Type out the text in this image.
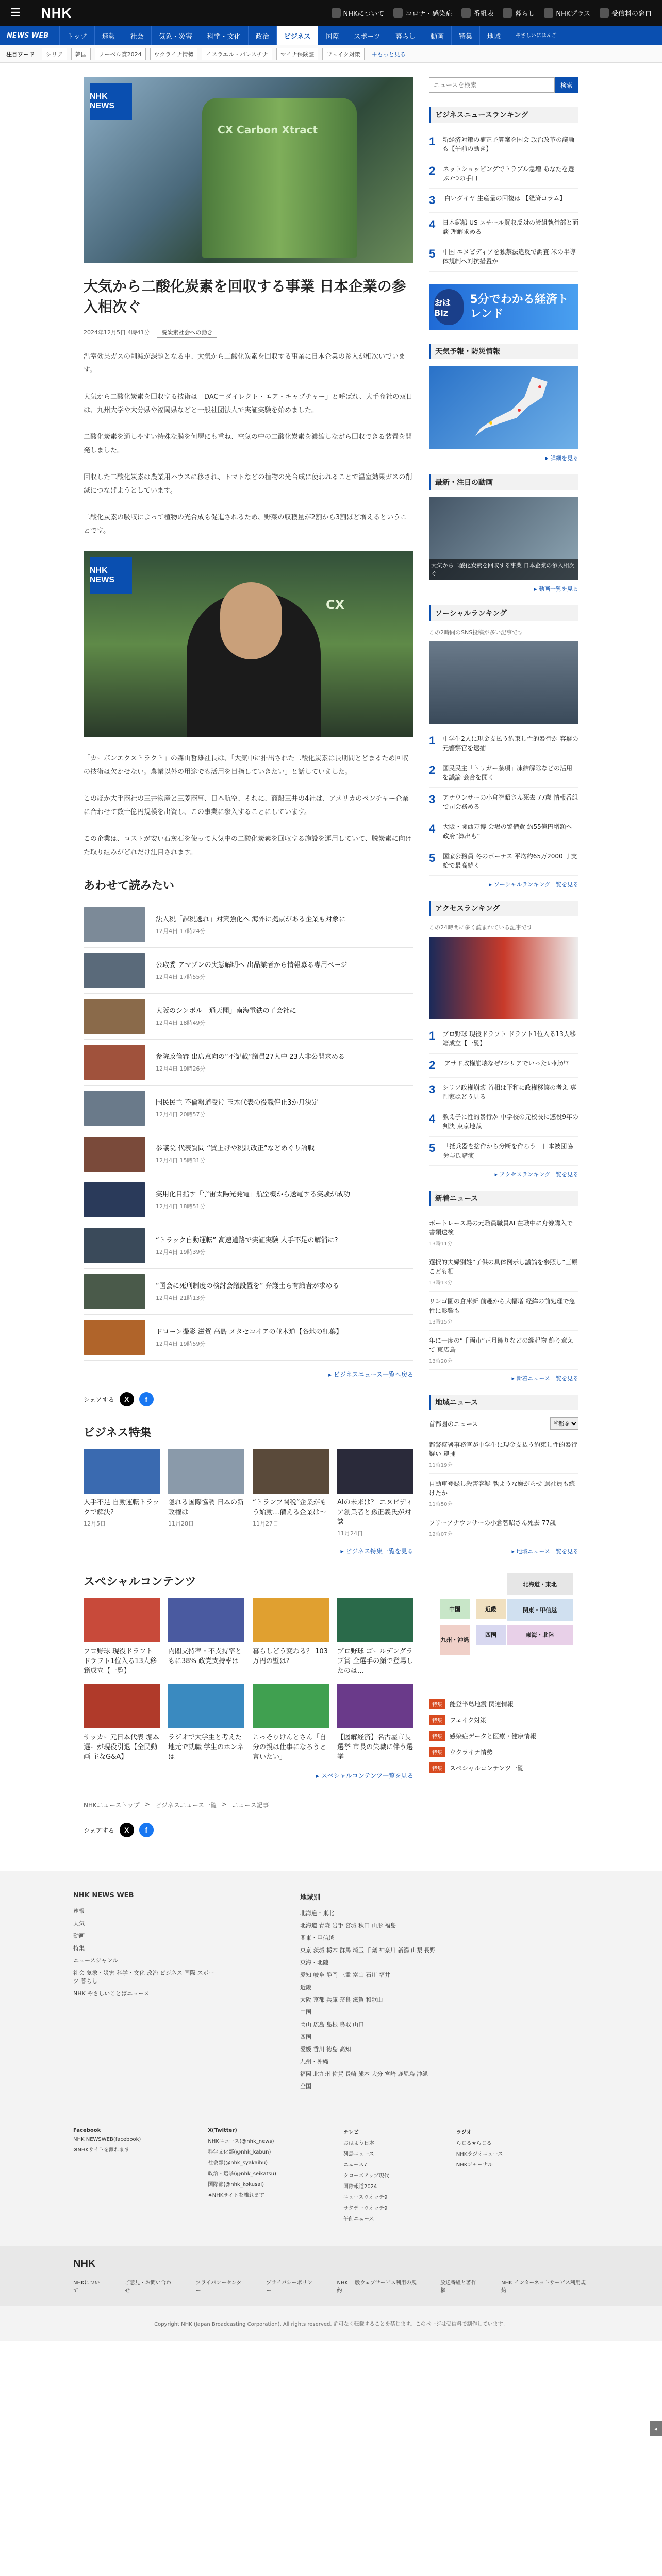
☰	NHK	NHKについて	コロナ・感染症	番組表	暮らし	NHKプラス	受信料の窓口
NEWS WEB	トップ	速報	社会	気象・災害	科学・文化	政治	ビジネス	国際	スポーツ	暮らし	動画	特集	地域	やさしいにほんご
注目ワード	シリア	韓国	ノーベル賞2024	ウクライナ情勢	イスラエル・パレスチナ	マイナ保険証	フェイク対策	＋もっと見る
CX Carbon Xtract
NHK NEWS
大気から二酸化炭素を回収する事業 日本企業の参入相次ぐ
2024年12月5日 4時41分	脱炭素社会への動き

温室効果ガスの削減が課題となる中、大気から二酸化炭素を回収する事業に日本企業の参入が相次いでいます。

大気から二酸化炭素を回収する技術は「DAC＝ダイレクト・エア・キャプチャー」と呼ばれ、大手商社の双日は、九州大学や大分県や福岡県などと一般社団法人で実証実験を始めました。

二酸化炭素を通しやすい特殊な膜を何層にも重ね、空気の中の二酸化炭素を濃縮しながら回収できる装置を開発しました。

回収した二酸化炭素は農業用ハウスに移され、トマトなどの植物の光合成に使われることで温室効果ガスの削減につなげようとしています。

二酸化炭素の吸収によって植物の光合成も促進されるため、野菜の収穫量が2割から3割ほど増えるということです。

CX
NHK NEWS

「カーボンエクストラクト」の森山哲雄社長は、「大気中に排出された二酸化炭素は長期間とどまるため回収の技術は欠かせない。農業以外の用途でも活用を目指していきたい」と話していました。

このほか大手商社の三井物産と三菱商事、日本航空、それに、商船三井の4社は、アメリカのベンチャー企業に合わせて数十億円規模を出資し、この事業に参入することにしています。

この企業は、コストが安い石灰石を使って大気中の二酸化炭素を回収する施設を運用していて、脱炭素に向けた取り組みがどれだけ注目されます。

あわせて読みたい
法人税「課税逃れ」対策強化へ 海外に拠点がある企業も対象に
12月4日 17時24分
公取委 アマゾンの実態解明へ 出品業者から情報募る専用ページ
12月4日 17時55分
大阪のシンボル「通天閣」南海電鉄の子会社に
12月4日 18時49分
参院政倫審 出席意向の“不記載”議員27人中 23人非公開求める
12月4日 19時26分
国民民主 不倫報道受け 玉木代表の役職停止3か月決定
12月4日 20時57分
参議院 代表質問 “賃上げや税制改正”などめぐり論戦
12月4日 15時31分
実用化目指す「宇宙太陽光発電」航空機から送電する実験が成功
12月4日 18時51分
“トラック自動運転” 高速道路で実証実験 人手不足の解消に?
12月4日 19時39分
“国会に死刑制度の検討会議設置を” 弁護士ら有識者が求める
12月4日 21時13分
ドローン撮影 滋賀 高島 メタセコイアの並木道【各地の紅葉】
12月4日 19時59分
▸ ビジネスニュース一覧へ戻る
シェアする	X	f
ビジネス特集
人手不足 自動運転トラックで解決?
12月5日
隠れる国際協調 日本の新政権は
11月28日
“トランプ関税”企業がもう始動…備える企業は～
11月27日
AIの未来は？ エヌビディア創業者と孫正義氏が対談
11月24日
▸ ビジネス特集一覧を見る
スペシャルコンテンツ
プロ野球 現役ドラフト ドラフト1位入る13人移籍成立【一覧】
内閣支持率・不支持率ともに38% 政党支持率は
暮らしどう変わる？ 103万円の壁は?
プロ野球 ゴールデングラブ賞 全選手の顔で登場したのは…
サッカー元日本代表 堀本選ーが現役引退【全民動画 主なG&A】
ラジオで大学生と考えた 地元で就職 学生のホンネは
こっそりけんとさん「自分の親は仕事になろうと言いたい」
【図解経済】名古屋市長選挙 市長の失職に伴う選挙
▸ スペシャルコンテンツ一覧を見る
NHKニューストップ > ビジネスニュース一覧 > ニュース記事
シェアする	X	f
ニュースを検索
検索
ビジネスニュースランキング
1 新経済対策の補正予算案を国会 政治改革の議論も【午前の動き】
2 ネットショッピングでトラブル急増 あなたを選ぶ7つの手口
3	白いダイヤ 生産量の回復は 【経済コラム】
4 日本郵船 US スチール買収反対の労組執行部と面談 理解求める
5 中国 エヌビディアを独禁法違反で調査 米の半導体規制へ対抗措置か
おはBiz
5分でわかる経済トレンド
天気予報・防災情報
▸ 詳細を見る
最新・注目の動画
大気から二酸化炭素を回収する事業 日本企業の参入相次ぐ
▸ 動画一覧を見る
ソーシャルランキング
この2時間のSNS投稿が多い記事です
1 中学生2人に現金支払う約束し性的暴行か 容疑の元警察官を逮捕
2 国民民主「トリガー条項」凍結解除などの活用を議論 会合を開く
3 アナウンサーの小倉智昭さん死去 77歳 情報番組で司会務める
4 大阪・関西万博 会場の警備費 約55億円増額へ 政府“算出も”
5 国家公務員 冬のボーナス 平均約65万2000円 支給で最高続く
▸ ソーシャルランキング一覧を見る
アクセスランキング
この24時間に多く読まれている記事です
1 プロ野球 現役ドラフト ドラフト1位入る13人移籍成立【一覧】
2	アサド政権崩壊なぜ?シリアでいったい何が?
3 シリア政権崩壊 首相は平和に政権移譲の考え 専門家はどう見る
4 教え子に性的暴行か 中学校の元校長に懲役9年の判決 東京地裁
5 「抵兵器を捨作から分断を作ろう」日本被団協 労与氏講演
▸ アクセスランキング一覧を見る
新着ニュース
ボートレース場の元職員職員AI 在職中に舟券購入で書類送検
13時11分
選択的夫婦別姓“子供の具体例示し議論を参照し”三原こども相
13時13分
リンゴ園の倉庫新 前趣から大幅増 経緯の前処理で急性に影響も
13時15分
年に一度の“千両市”正月飾りなどの縁起物 飾り意えて 東広島
13時20分
▸ 新着ニュース一覧を見る
地域ニュース
首都圏のニュース
首都圏
都警察署事務官が中学生に現金支払う約束し性的暴行疑い 逮捕
11時19分
自動車登録し殺害容疑 執ような嫌がらせ 遺社員も続けたか
11時50分
フリーアナウンサーの小倉智昭さん死去 77歳
12時07分
▸ 地域ニュース一覧を見る
北海道・東北
関東・甲信越
中国	近畿
東海・北陸
九州・沖縄
四国
特集	能登半島地震 関連情報
特集	フェイク対策
特集	感染症データと医療・健康情報
特集	ウクライナ情勢
特集	スペシャルコンテンツ一覧
NHK NEWS WEB
速報
天気
動画
特集
ニュースジャンル
社会 気象・災害 科学・文化 政治 ビジネス 国際 スポーツ 暮らし
NHK やさしいことばニュース
地域別
北海道・東北
北海道 青森 岩手 宮城 秋田 山形 福島
関東・甲信越
東京 茨城 栃木 群馬 埼玉 千葉 神奈川 新潟 山梨 長野
東海・北陸
愛知 岐阜 静岡 三重 富山 石川 福井
近畿
大阪 京都 兵庫 奈良 滋賀 和歌山
中国
岡山 広島 島根 鳥取 山口
四国
愛媛 香川 徳島 高知
九州・沖縄
福岡 北九州 佐賀 長崎 熊本 大分 宮崎 鹿児島 沖縄
全国
Facebook
NHK NEWSWEB(facebook)
※NHKサイトを離れます
X(Twitter)
NHKニュース(@nhk_news)
科学文化部(@nhk_kabun)
社会部(@nhk_syakaibu)
政治・選挙(@nhk_seikatsu)
国際部(@nhk_kokusai)
※NHKサイトを離れます
テレビ
おはよう日本
列島ニュース
ニュース7
クローズアップ現代
国際報道2024
ニュースウオッチ9
サタデーウオッチ9
午前ニュース
ラジオ
らじる★らじる
NHKラジオニュース
NHKジャーナル
NHK
NHKについて
ご意見・お問い合わせ
プライバシーセンター
プライバシーポリシー
NHK 一般ウェブサービス利用の規約
放送番組と著作権
NHK インターネットサービス利用規約
Copyright NHK (Japan Broadcasting Corporation). All rights reserved. 許可なく転載することを禁じます。このページは受信料で制作しています。
◂
